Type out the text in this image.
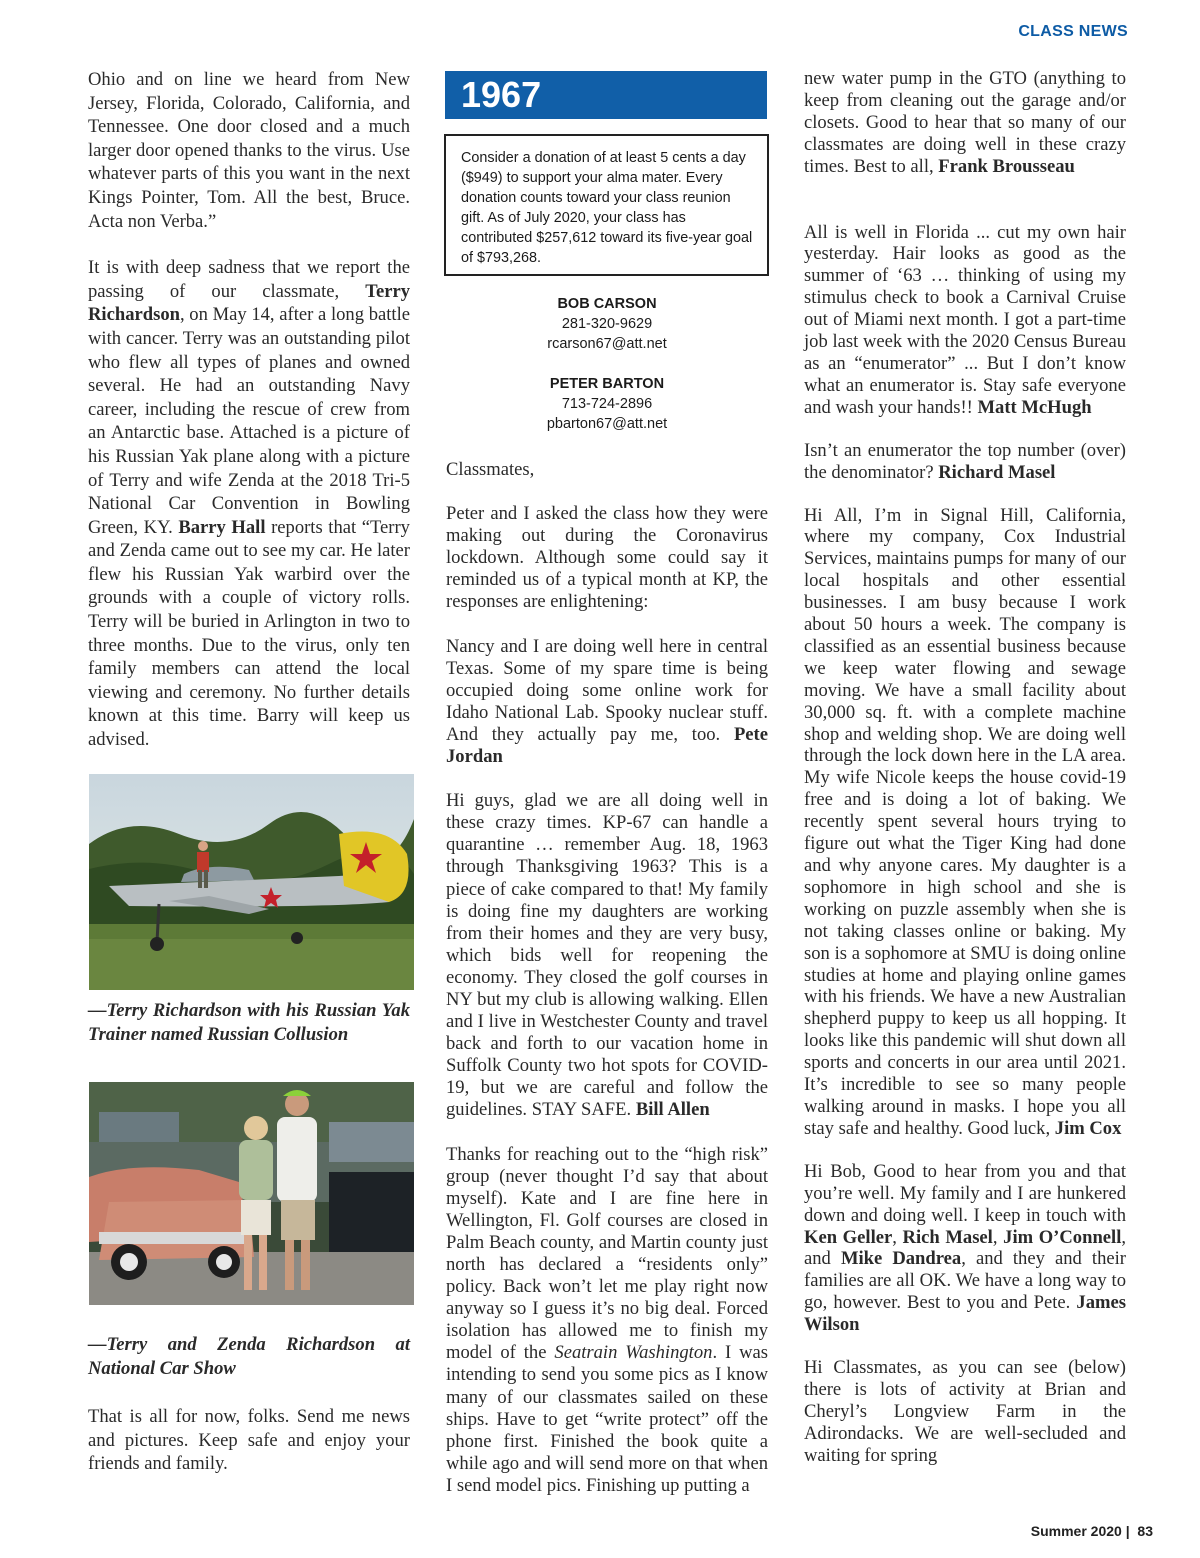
CLASS NEWS

Ohio and on line we heard from New Jersey, Florida, Colorado, California, and Tennessee. One door closed and a much larger door opened thanks to the virus. Use whatever parts of this you want in the next Kings Pointer, Tom. All the best, Bruce. Acta non Verba.”

It is with deep sadness that we report the passing of our classmate, Terry Richardson, on May 14, after a long battle with cancer. Terry was an outstanding pilot who flew all types of planes and owned several. He had an outstanding Navy career, including the rescue of crew from an Antarctic base. Attached is a picture of his Russian Yak plane along with a picture of Terry and wife Zenda at the 2018 Tri-5 National Car Convention in Bowling Green, KY. Barry Hall reports that “Terry and Zenda came out to see my car. He later flew his Russian Yak warbird over the grounds with a couple of victory rolls. Terry will be buried in Arlington in two to three months. Due to the virus, only ten family members can attend the local viewing and ceremony. No further details known at this time. Barry will keep us advised.

—Terry Richardson with his Russian Yak Trainer named Russian Collusion
—Terry and Zenda Richardson at National Car Show

That is all for now, folks. Send me news and pictures. Keep safe and enjoy your friends and family.

1967
Consider a donation of at least 5 cents a day ($949) to support your alma mater. Every donation counts toward your class reunion gift. As of July 2020, your class has contributed $257,612 toward its five-year goal of $793,268.
BOB CARSON
281-320-9629
rcarson67@att.net
PETER BARTON
713-724-2896
pbarton67@att.net

Classmates,

Peter and I asked the class how they were making out during the Coronavirus lockdown. Although some could say it reminded us of a typical month at KP, the responses are enlightening:

Nancy and I are doing well here in central Texas. Some of my spare time is being occupied doing some online work for Idaho National Lab. Spooky nuclear stuff. And they actually pay me, too. Pete Jordan

Hi guys, glad we are all doing well in these crazy times. KP-67 can handle a quarantine … remember Aug. 18, 1963 through Thanksgiving 1963? This is a piece of cake compared to that! My family is doing fine my daughters are working from their homes and they are very busy, which bids well for reopening the economy. They closed the golf courses in NY but my club is allowing walking. Ellen and I live in Westchester County and travel back and forth to our vacation home in Suffolk County two hot spots for COVID-19, but we are careful and follow the guidelines. STAY SAFE. Bill Allen

Thanks for reaching out to the “high risk” group (never thought I’d say that about myself). Kate and I are fine here in Wellington, Fl. Golf courses are closed in Palm Beach county, and Martin county just north has declared a “residents only” policy. Back won’t let me play right now anyway so I guess it’s no big deal. Forced isolation has allowed me to finish my model of the Seatrain Washington. I was intending to send you some pics as I know many of our classmates sailed on these ships. Have to get “write protect” off the phone first. Finished the book quite a while ago and will send more on that when I send model pics. Finishing up putting a

new water pump in the GTO (anything to keep from cleaning out the garage and/or closets. Good to hear that so many of our classmates are doing well in these crazy times. Best to all, Frank Brousseau

All is well in Florida ... cut my own hair yesterday. Hair looks as good as the summer of ‘63 … thinking of using my stimulus check to book a Carnival Cruise out of Miami next month. I got a part-time job last week with the 2020 Census Bureau as an “enumerator” ... But I don’t know what an enumerator is. Stay safe everyone and wash your hands!! Matt McHugh

Isn’t an enumerator the top number (over) the denominator? Richard Masel

Hi All, I’m in Signal Hill, California, where my company, Cox Industrial Services, maintains pumps for many of our local hospitals and other essential businesses. I am busy because I work about 50 hours a week. The company is classified as an essential business because we keep water flowing and sewage moving. We have a small facility about 30,000 sq. ft. with a complete machine shop and welding shop. We are doing well through the lock down here in the LA area. My wife Nicole keeps the house covid-19 free and is doing a lot of baking. We recently spent several hours trying to figure out what the Tiger King had done and why anyone cares. My daughter is a sophomore in high school and she is working on puzzle assembly when she is not taking classes online or baking. My son is a sophomore at SMU is doing online studies at home and playing online games with his friends. We have a new Australian shepherd puppy to keep us all hopping. It looks like this pandemic will shut down all sports and concerts in our area until 2021. It’s incredible to see so many people walking around in masks. I hope you all stay safe and healthy. Good luck, Jim Cox

Hi Bob, Good to hear from you and that you’re well. My family and I are hunkered down and doing well. I keep in touch with Ken Geller, Rich Masel, Jim O’Connell, and Mike Dandrea, and they and their families are all OK. We have a long way to go, however. Best to you and Pete. James Wilson

Hi Classmates, as you can see (below) there is lots of activity at Brian and Cheryl’s Longview Farm in the Adirondacks. We are well-secluded and waiting for spring

Summer 2020 | 83
